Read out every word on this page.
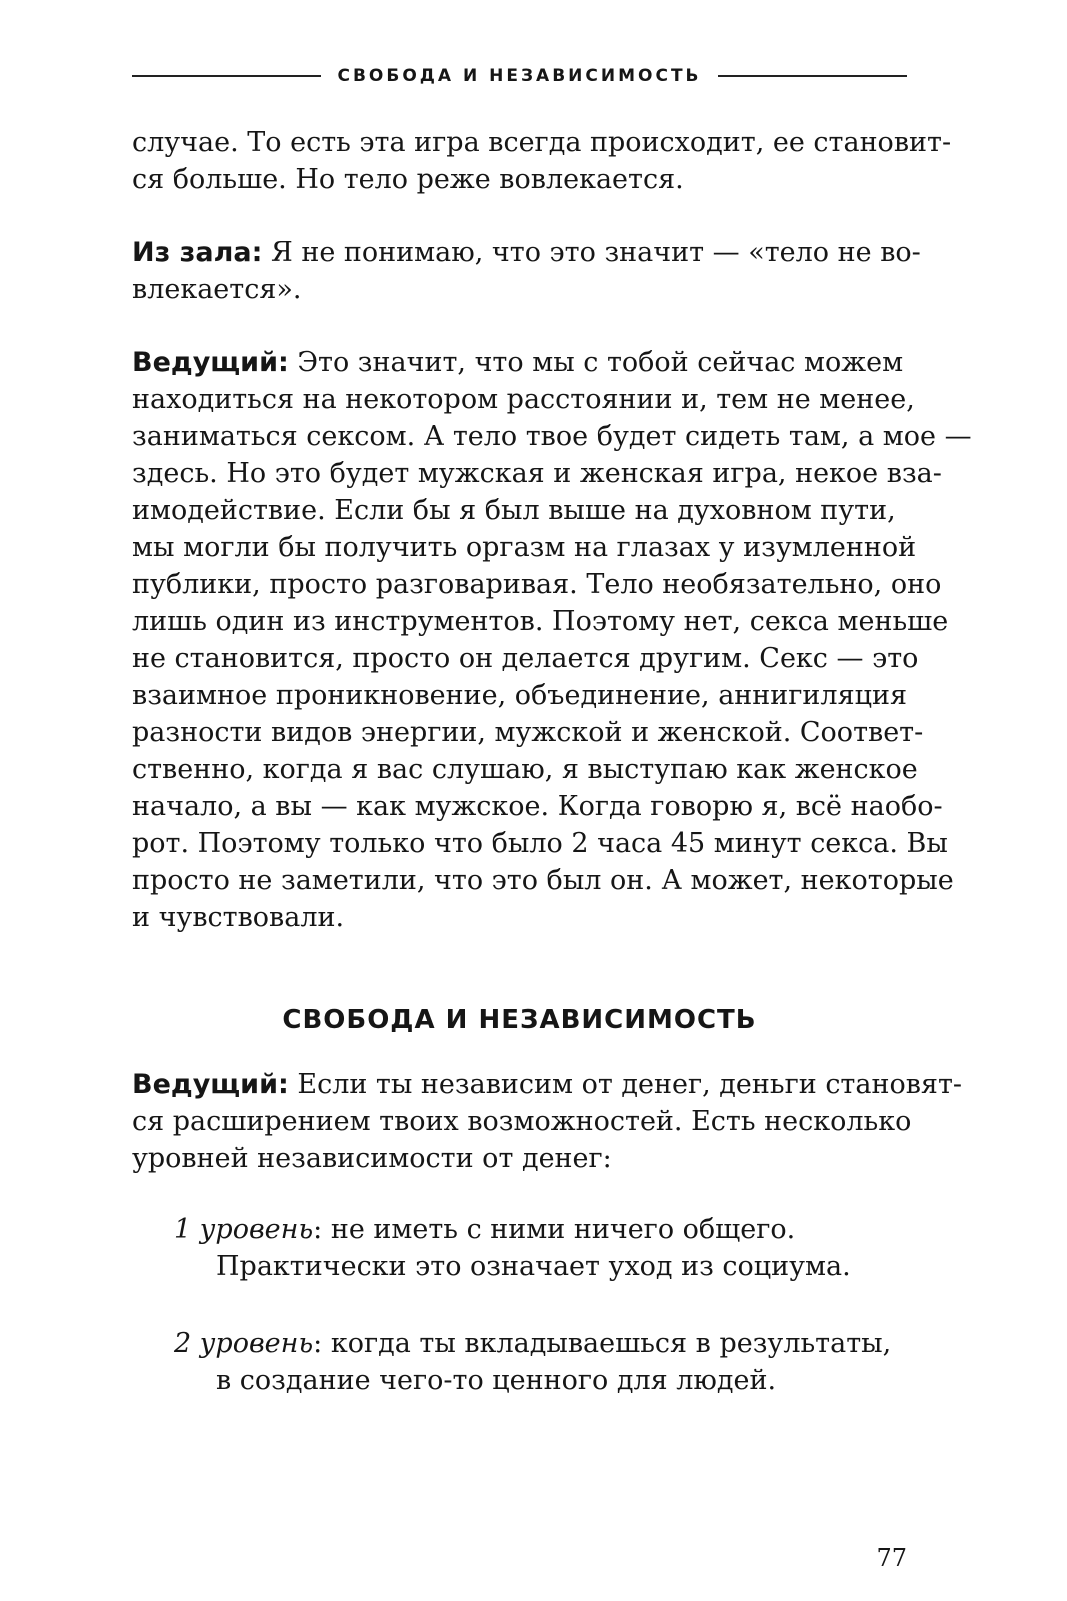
СВОБОДА И НЕЗАВИСИМОСТЬ

случае. То есть эта игра всегда происходит, ее становит-
ся больше. Но тело реже вовлекается.

Из зала: Я не понимаю, что это значит — «тело не во-
влекается».

Ведущий: Это значит, что мы с тобой сейчас можем
находиться на некотором расстоянии и, тем не менее,
заниматься сексом. А тело твое будет сидеть там, а мое —
здесь. Но это будет мужская и женская игра, некое вза-
имодействие. Если бы я был выше на духовном пути,
мы могли бы получить оргазм на глазах у изумленной
публики, просто разговаривая. Тело необязательно, оно
лишь один из инструментов. Поэтому нет, секса меньше
не становится, просто он делается другим. Секс — это
взаимное проникновение, объединение, аннигиляция
разности видов энергии, мужской и женской. Соответ-
ственно, когда я вас слушаю, я выступаю как женское
начало, а вы — как мужское. Когда говорю я, всё наобо-
рот. Поэтому только что было 2 часа 45 минут секса. Вы
просто не заметили, что это был он. А может, некоторые
и чувствовали.

СВОБОДА И НЕЗАВИСИМОСТЬ

Ведущий: Если ты независим от денег, деньги становят-
ся расширением твоих возможностей. Есть несколько
уровней независимости от денег:

1 уровень: не иметь с ними ничего общего.
Практически это означает уход из социума.

2 уровень: когда ты вкладываешься в результаты,
в создание чего-то ценного для людей.

77
